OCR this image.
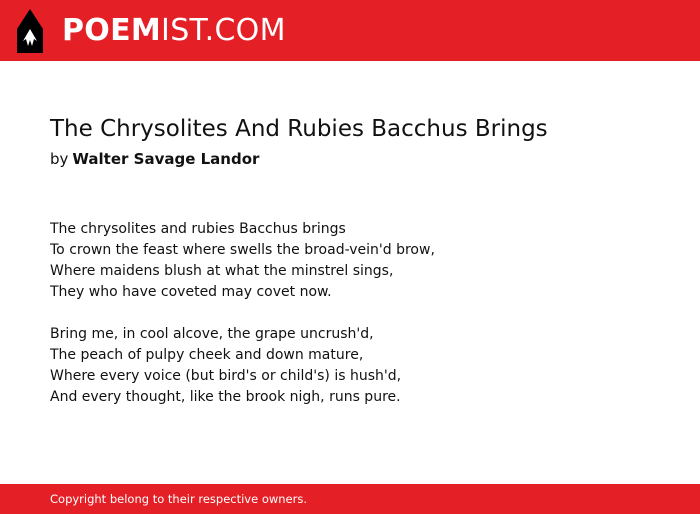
POEM IST.COM
The Chrysolites And Rubies Bacchus Brings
by Walter Savage Landor

The chrysolites and rubies Bacchus brings
To crown the feast where swells the broad-vein'd brow,
Where maidens blush at what the minstrel sings,
They who have coveted may covet now.

Bring me, in cool alcove, the grape uncrush'd,
The peach of pulpy cheek and down mature,
Where every voice (but bird's or child's) is hush'd,
And every thought, like the brook nigh, runs pure.

Copyright belong to their respective owners.
